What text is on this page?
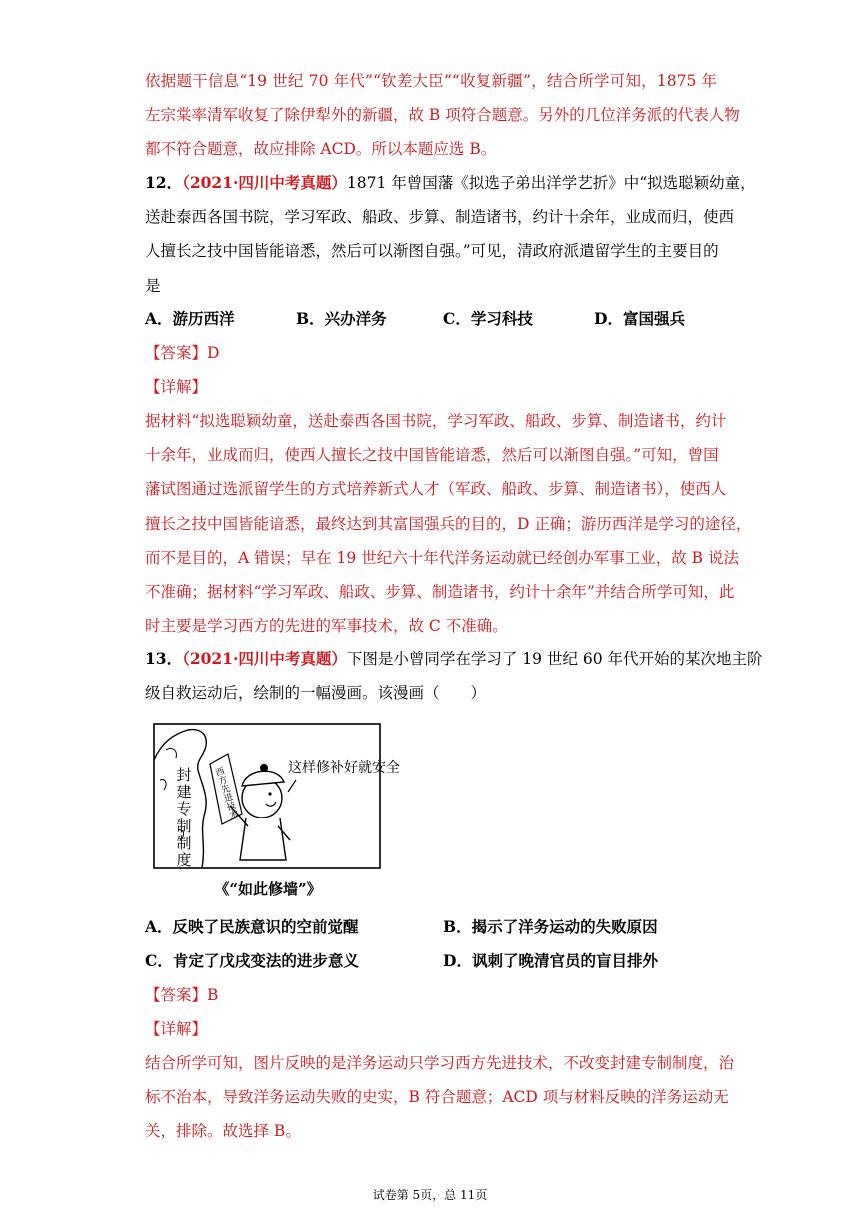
依据题干信息“19 世纪 70 年代”“钦差大臣”“收复新疆”，结合所学可知，1875 年
左宗棠率清军收复了除伊犁外的新疆，故 B 项符合题意。另外的几位洋务派的代表人物
都不符合题意，故应排除 ACD。所以本题应选 B。
12．（2021·四川中考真题）1871 年曾国藩《拟选子弟出洋学艺折》中“拟选聪颖幼童，
送赴泰西各国书院，学习军政、船政、步算、制造诸书，约计十余年，业成而归，使西
人擅长之技中国皆能谙悉，然后可以渐图自强。”可见，清政府派遣留学生的主要目的
是
A．游历西洋	B．兴办洋务	C．学习科技	D．富国强兵
【答案】D
【详解】
据材料“拟选聪颖幼童，送赴泰西各国书院，学习军政、船政、步算、制造诸书，约计
十余年，业成而归，使西人擅长之技中国皆能谙悉，然后可以渐图自强。”可知，曾国
藩试图通过选派留学生的方式培养新式人才（军政、船政、步算、制造诸书），使西人
擅长之技中国皆能谙悉，最终达到其富国强兵的目的，D 正确；游历西洋是学习的途径，
而不是目的，A 错误；早在 19 世纪六十年代洋务运动就已经创办军事工业，故 B 说法
不准确；据材料“学习军政、船政、步算、制造诸书，约计十余年”并结合所学可知，此
时主要是学习西方的先进的军事技术，故 C 不准确。
13．（2021·四川中考真题）下图是小曾同学在学习了 19 世纪 60 年代开始的某次地主阶
级自救运动后，绘制的一幅漫画。该漫画（　　）
封建专制制度
西方先进技术
这样修补好就安全
《“如此修墙”》
A．反映了民族意识的空前觉醒	B．揭示了洋务运动的失败原因
C．肯定了戊戌变法的进步意义	D．讽刺了晚清官员的盲目排外
【答案】B
【详解】
结合所学可知，图片反映的是洋务运动只学习西方先进技术，不改变封建专制制度，治
标不治本，导致洋务运动失败的史实，B 符合题意；ACD 项与材料反映的洋务运动无
关，排除。故选择 B。
试卷第 5页，总 11页
